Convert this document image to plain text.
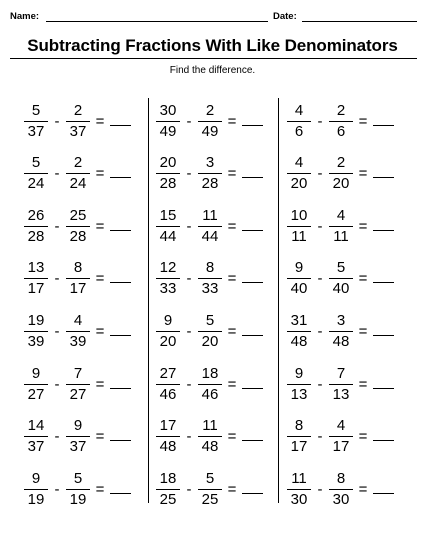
Name:	Date:
Subtracting Fractions With Like Denominators
Find the difference.
$\frac{5}{37} - \frac{2}{37}$ =
$\frac{5}{24} - \frac{2}{24}$ =
$\frac{26}{28} - \frac{25}{28}$ =
$\frac{13}{17} - \frac{8}{17}$ =
$\frac{19}{39} - \frac{4}{39}$ =
$\frac{9}{27} - \frac{7}{27}$ =
$\frac{14}{37} - \frac{9}{37}$ =
$\frac{9}{19} - \frac{5}{19}$ =
$\frac{30}{49} - \frac{2}{49}$ =
$\frac{20}{28} - \frac{3}{28}$ =
$\frac{15}{44} - \frac{11}{44}$ =
$\frac{12}{33} - \frac{8}{33}$ =
$\frac{9}{20} - \frac{5}{20}$ =
$\frac{27}{46} - \frac{18}{46}$ =
$\frac{17}{48} - \frac{11}{48}$ =
$\frac{18}{25} - \frac{5}{25}$ =
$\frac{4}{6} - \frac{2}{6}$ =
$\frac{4}{20} - \frac{2}{20}$ =
$\frac{10}{11} - \frac{4}{11}$ =
$\frac{9}{40} - \frac{5}{40}$ =
$\frac{31}{48} - \frac{3}{48}$ =
$\frac{9}{13} - \frac{7}{13}$ =
$\frac{8}{17} - \frac{4}{17}$ =
$\frac{11}{30} - \frac{8}{30}$ =
